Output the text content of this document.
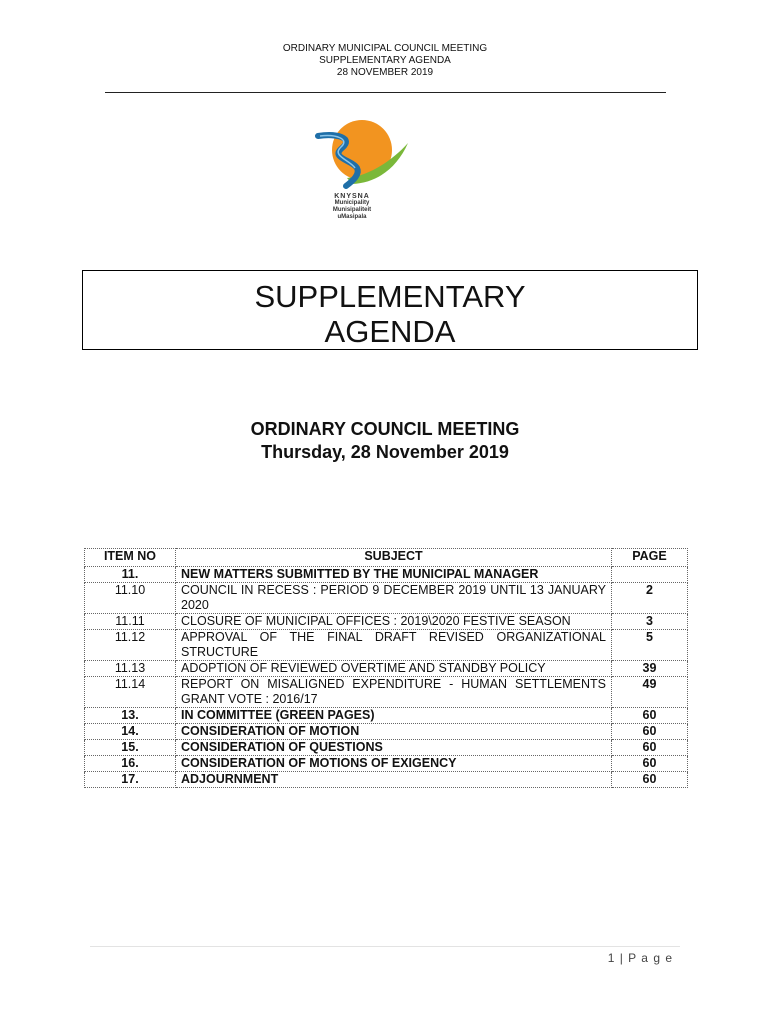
ORDINARY MUNICIPAL COUNCIL MEETING
SUPPLEMENTARY AGENDA
28 NOVEMBER 2019
KNYSNA
Municipality
Munisipaliteit
uMasipala
SUPPLEMENTARY
AGENDA
ORDINARY COUNCIL MEETING
Thursday, 28 November 2019
ITEM NO	SUBJECT	PAGE
11.	NEW MATTERS SUBMITTED BY THE MUNICIPAL MANAGER	
11.10	COUNCIL IN RECESS : PERIOD 9 DECEMBER 2019 UNTIL 13 JANUARY 2020	2
11.11	CLOSURE OF MUNICIPAL OFFICES : 2019\2020 FESTIVE SEASON	3
11.12	APPROVAL OF THE FINAL DRAFT REVISED ORGANIZATIONAL STRUCTURE	5
11.13	ADOPTION OF REVIEWED OVERTIME AND STANDBY POLICY	39
11.14	REPORT ON MISALIGNED EXPENDITURE - HUMAN SETTLEMENTS GRANT VOTE : 2016/17	49
13.	IN COMMITTEE (GREEN PAGES)	60
14.	CONSIDERATION OF MOTION	60
15.	CONSIDERATION OF QUESTIONS	60
16.	CONSIDERATION OF MOTIONS OF EXIGENCY	60
17.	ADJOURNMENT	60
1 | P a g e
